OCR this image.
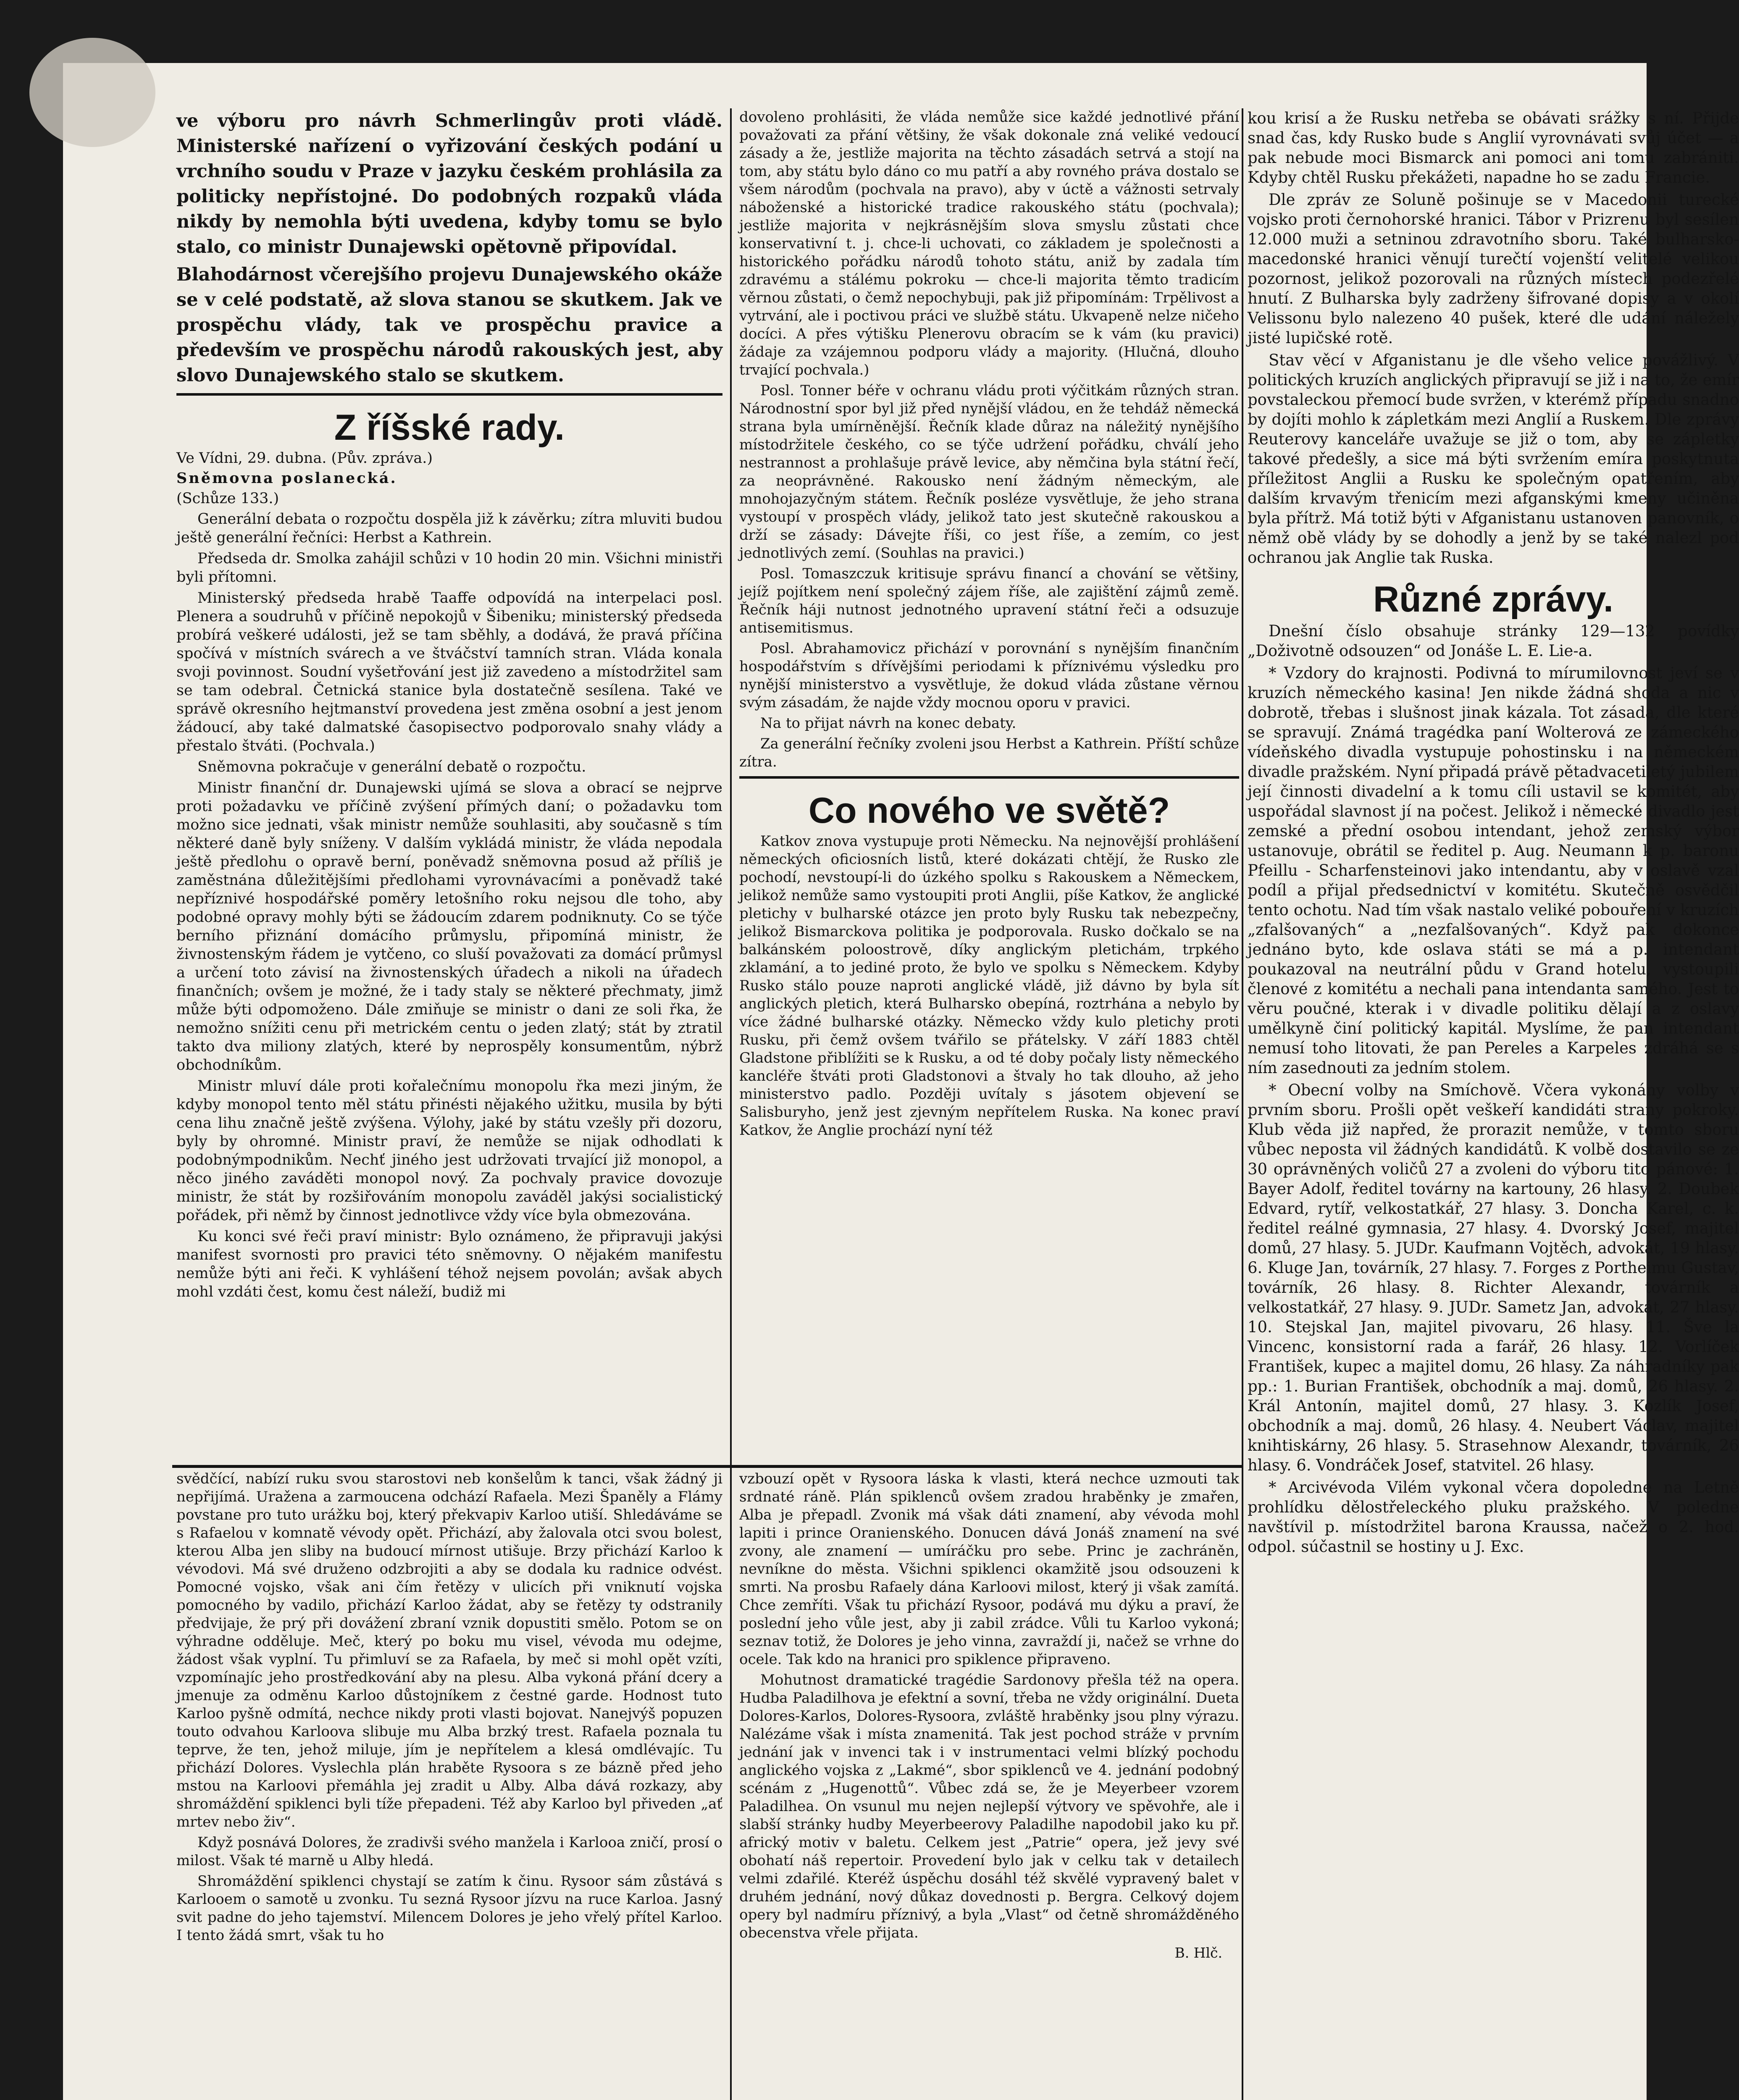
ve výboru pro návrh Schmerlingův proti vládě. Ministerské nařízení o vyřizování českých podání u vrchního soudu v Praze v jazyku českém prohlásila za politicky nepřístojné. Do podobných rozpaků vláda nikdy by nemohla býti uvedena, kdyby tomu se bylo stalo, co ministr Dunajewski opětovně připovídal.

Blahodárnost včerejšího projevu Dunajewského okáže se v celé podstatě, až slova stanou se skutkem. Jak ve prospěchu vlády, tak ve prospěchu pravice a především ve prospěchu národů rakouských jest, aby slovo Dunajewského stalo se skutkem.

Z říšské rady.

Ve Vídni, 29. dubna. (Pův. zpráva.)

Sněmovna poslanecká.

(Schůze 133.)

Generální debata o rozpočtu dospěla již k závěrku; zítra mluviti budou ještě generální řečníci: Herbst a Kathrein.

Předseda dr. Smolka zahájil schůzi v 10 hodin 20 min. Všichni ministři byli přítomni.

Ministerský předseda hrabě Taaffe odpovídá na interpelaci posl. Plenera a soudruhů v příčině nepokojů v Šibeniku; ministerský předseda probírá veškeré události, jež se tam sběhly, a dodává, že pravá příčina spočívá v místních svárech a ve štváčství tamních stran. Vláda konala svoji povinnost. Soudní vyšetřování jest již zavedeno a místodržitel sam se tam odebral. Četnická stanice byla dostatečně sesílena. Také ve správě okresního hejtmanství provedena jest změna osobní a jest jenom žádoucí, aby také dalmatské časopisectvo podporovalo snahy vlády a přestalo štváti. (Pochvala.)

Sněmovna pokračuje v generální debatě o rozpočtu.

Ministr finanční dr. Dunajewski ujímá se slova a obrací se nejprve proti požadavku ve příčině zvýšení přímých daní; o požadavku tom možno sice jednati, však ministr nemůže souhlasiti, aby současně s tím některé daně byly sníženy. V dalším vykládá ministr, že vláda nepodala ještě předlohu o opravě berní, poněvadž sněmovna posud až příliš je zaměstnána důležitějšími předlohami vyrovnávacími a poněvadž také nepříznivé hospodářské poměry letošního roku nejsou dle toho, aby podobné opravy mohly býti se žádoucím zdarem podniknuty. Co se týče berního přiznání domácího průmyslu, připomíná ministr, že živnostenským řádem je vytčeno, co sluší považovati za domácí průmysl a určení toto závisí na živnostenských úřadech a nikoli na úřadech finančních; ovšem je možné, že i tady staly se některé přechmaty, jimž může býti odpomoženo. Dále zmiňuje se ministr o dani ze soli řka, že nemožno snížiti cenu při metrickém centu o jeden zlatý; stát by ztratil takto dva miliony zlatých, které by neprospěly konsumentům, nýbrž obchodníkům.

Ministr mluví dále proti kořalečnímu monopolu řka mezi jiným, že kdyby monopol tento měl státu přinésti nějakého užitku, musila by býti cena lihu značně ještě zvýšena. Výlohy, jaké by státu vzešly při dozoru, byly by ohromné. Ministr praví, že nemůže se nijak odhodlati k podobnýmpodnikům. Nechť jiného jest udržovati trvající již monopol, a něco jiného zaváděti monopol nový. Za pochvaly pravice dovozuje ministr, že stát by rozšiřováním monopolu zaváděl jakýsi socialistický pořádek, při němž by činnost jednotlivce vždy více byla obmezována.

Ku konci své řeči praví ministr: Bylo oznámeno, že připravuji jakýsi manifest svornosti pro pravici této sněmovny. O nějakém manifestu nemůže býti ani řeči. K vyhlášení téhož nejsem povolán; avšak abych mohl vzdáti čest, komu čest náleží, budiž mi

dovoleno prohlásiti, že vláda nemůže sice každé jednotlivé přání považovati za přání většiny, že však dokonale zná veliké vedoucí zásady a že, jestliže majorita na těchto zásadách setrvá a stojí na tom, aby státu bylo dáno co mu patří a aby rovného práva dostalo se všem národům (pochvala na pravo), aby v úctě a vážnosti setrvaly náboženské a historické tradice rakouského státu (pochvala); jestliže majorita v nejkrásnějším slova smyslu zůstati chce konservativní t. j. chce-li uchovati, co základem je společnosti a historického pořádku národů tohoto státu, aniž by zadala tím zdravému a stálému pokroku — chce-li majorita těmto tradicím věrnou zůstati, o čemž nepochybuji, pak již připomínám: Trpělivost a vytrvání, ale i poctivou práci ve službě státu. Ukvapeně nelze ničeho docíci. A přes výtišku Plenerovu obracím se k vám (ku pravici) žádaje za vzájemnou podporu vlády a majority. (Hlučná, dlouho trvající pochvala.)

Posl. Tonner béře v ochranu vládu proti výčitkám různých stran. Národnostní spor byl již před nynější vládou, en že tehdáž německá strana byla umírněnější. Řečník klade důraz na náležitý nynějšího místodržitele českého, co se týče udržení pořádku, chválí jeho nestrannost a prohlašuje právě levice, aby němčina byla státní řečí, za neoprávněné. Rakousko není žádným německým, ale mnohojazyčným státem. Řečník posléze vysvětluje, že jeho strana vystoupí v prospěch vlády, jelikož tato jest skutečně rakouskou a drží se zásady: Dávejte říši, co jest říše, a zemím, co jest jednotlivých zemí. (Souhlas na pravici.)

Posl. Tomaszczuk kritisuje správu financí a chování se většiny, jejíž pojítkem není společný zájem říše, ale zajištění zájmů země. Řečník háji nutnost jednotného upravení státní řeči a odsuzuje antisemitismus.

Posl. Abrahamovicz přichází v porovnání s nynějším finančním hospodářstvím s dřívějšími periodami k příznivému výsledku pro nynější ministerstvo a vysvětluje, že dokud vláda zůstane věrnou svým zásadám, že najde vždy mocnou oporu v pravici.

Na to přijat návrh na konec debaty.

Za generální řečníky zvoleni jsou Herbst a Kathrein. Příští schůze zítra.

Co nového ve světě?

Katkov znova vystupuje proti Německu. Na nejnovější prohlášení německých oficiosních listů, které dokázati chtějí, že Rusko zle pochodí, nevstoupí-li do úzkého spolku s Rakouskem a Německem, jelikož nemůže samo vystoupiti proti Anglii, píše Katkov, že anglické pletichy v bulharské otázce jen proto byly Rusku tak nebezpečny, jelikož Bismarckova politika je podporovala. Rusko dočkalo se na balkánském poloostrově, díky anglickým pletichám, trpkého zklamání, a to jediné proto, že bylo ve spolku s Německem. Kdyby Rusko stálo pouze naproti anglické vládě, již dávno by byla sít anglických pletich, která Bulharsko obepíná, roztrhána a nebylo by více žádné bulharské otázky. Německo vždy kulo pletichy proti Rusku, při čemž ovšem tvářilo se přátelsky. V září 1883 chtěl Gladstone přiblížiti se k Rusku, a od té doby počaly listy německého kancléře štváti proti Gladstonovi a štvaly ho tak dlouho, až jeho ministerstvo padlo. Později uvítaly s jásotem objevení se Salisburyho, jenž jest zjevným nepřítelem Ruska. Na konec praví Katkov, že Anglie prochází nyní též

kou krisí a že Rusku netřeba se obávati srážky s ní. Přijde snad čas, kdy Rusko bude s Anglií vyrovnávati svůj účet — a pak nebude moci Bismarck ani pomoci ani tomu zabrániti. Kdyby chtěl Rusku překážeti, napadne ho se zadu Francie.

Dle zpráv ze Soluně pošinuje se v Macedonii turecké vojsko proti černohorské hranici. Tábor v Prizrenu byl sesílen 12.000 muži a setninou zdravotního sboru. Také bulharsko-macedonské hranici věnují turečtí vojenští velitelé velikou pozornost, jelikož pozorovali na různých místech podezřelé hnutí. Z Bulharska byly zadrženy šifrované dopisy a v okolí Velissonu bylo nalezeno 40 pušek, které dle udání náležely jisté lupičské rotě.

Stav věcí v Afganistanu je dle všeho velice povážlivý. V politických kruzích anglických připravují se již i na to, že emír povstaleckou přemocí bude svržen, v kterémž případu snadno by dojíti mohlo k zápletkám mezi Anglií a Ruskem. Dle zprávy Reuterovy kanceláře uvažuje se již o tom, aby se zápletky takové předešly, a sice má býti svržením emíra poskytnuta příležitost Anglii a Rusku ke společným opatřením, aby dalším krvavým třenicím mezi afganskými kmeny učiněna byla přítrž. Má totiž býti v Afganistanu ustanoven panovník, o němž obě vlády by se dohodly a jenž by se také nalezl pod ochranou jak Anglie tak Ruska.

Různé zprávy.

Dnešní číslo obsahuje stránky 129—132 povídky „Doživotně odsouzen“ od Jonáše L. E. Lie-a.

* Vzdory do krajnosti. Podivná to mírumilovnost jeví se v kruzích německého kasina! Jen nikde žádná shoda a nic v dobrotě, třebas i slušnost jinak kázala. Tot zásada, dle které se spravují. Známá tragédka paní Wolterová ze zámeckého vídeňského divadla vystupuje pohostinsku i na německém divadle pražském. Nyní připadá právě pětadvacetiletý jubilem její činnosti divadelní a k tomu cíli ustavil se komitét, aby uspořádal slavnost jí na počest. Jelikož i německé divadlo jest zemské a přední osobou intendant, jehož zemský výbor ustanovuje, obrátil se ředitel p. Aug. Neumann k p. baronu Pfeillu - Scharfensteinovi jako intendantu, aby v oslavě vzal podíl a přijal předsednictví v komitétu. Skutečně osvědčil tento ochotu. Nad tím však nastalo veliké pobouření v kruzích „zfalšovaných“ a „nezfalšovaných“. Když pak dokonce jednáno byto, kde oslava státi se má a p. intendant poukazoval na neutrální půdu v Grand hotelu, vystoupili členové z komitétu a nechali pana intendanta samého. Jest to věru poučné, kterak i v divadle politiku dělají a z oslavy umělkyně činí politický kapitál. Myslíme, že pan intendant nemusí toho litovati, že pan Pereles a Karpeles zdráhá se s ním zasednouti za jedním stolem.

* Obecní volby na Smíchově. Včera vykonány volby v prvním sboru. Prošli opět veškeří kandidáti strany pokroky. Klub věda již napřed, že prorazit nemůže, v tomto sboru vůbec neposta vil žádných kandidátů. K volbě dostavilo se ze 30 oprávněných voličů 27 a zvoleni do výboru tito pánové: 1. Bayer Adolf, ředitel továrny na kartouny, 26 hlasy. 2. Doubek Edvard, rytíř, velkostatkář, 27 hlasy. 3. Doncha Karel, c. k. ředitel reálné gymnasia, 27 hlasy. 4. Dvorský Josef, majitel domů, 27 hlasy. 5. JUDr. Kaufmann Vojtěch, advokát, 19 hlasy. 6. Kluge Jan, továrník, 27 hlasy. 7. Forges z Portheimu Gustav, továrník, 26 hlasy. 8. Richter Alexandr, továrník a velkostatkář, 27 hlasy. 9. JUDr. Sametz Jan, advokát, 27 hlasy. 10. Stejskal Jan, majitel pivovaru, 26 hlasy. 11. Šve la Vincenc, konsistorní rada a farář, 26 hlasy. 12. Vorlíček František, kupec a majitel domu, 26 hlasy. Za náhradníky pak pp.: 1. Burian František, obchodník a maj. domů, 26 hlasy. 2. Král Antonín, majitel domů, 27 hlasy. 3. Kozlík Josef, obchodník a maj. domů, 26 hlasy. 4. Neubert Václav, majitel knihtiskárny, 26 hlasy. 5. Strasehnow Alexandr, továrník, 26 hlasy. 6. Vondráček Josef, statvitel. 26 hlasy.

* Arcivévoda Vilém vykonal včera dopoledne na Letně prohlídku dělostřeleckého pluku pražského. V poledne navštívil p. místodržitel barona Kraussa, načež o 2. hod. odpol. súčastnil se hostiny u J. Exc.

svědčící, nabízí ruku svou starostovi neb konšelům k tanci, však žádný ji nepřijímá. Uražena a zarmoucena odchází Rafaela. Mezi Španěly a Flámy povstane pro tuto urážku boj, který překvapiv Karloo utiší. Shledáváme se s Rafaelou v komnatě vévody opět. Přichází, aby žalovala otci svou bolest, kterou Alba jen sliby na budoucí mírnost utišuje. Brzy přichází Karloo k vévodovi. Má své druženo odzbrojiti a aby se dodala ku radnice odvést. Pomocné vojsko, však ani čím řetězy v ulicích při vniknutí vojska pomocného by vadilo, přichází Karloo žádat, aby se řetězy ty odstranily předvijaje, že prý při dovážení zbraní vznik dopustiti smělo. Potom se on výhradne odděluje. Meč, který po boku mu visel, vévoda mu odejme, žádost však vyplní. Tu přimluví se za Rafaela, by meč si mohl opět vzíti, vzpomínajíc jeho prostředkování aby na plesu. Alba vykoná přání dcery a jmenuje za odměnu Karloo důstojníkem z čestné garde. Hodnost tuto Karloo pyšně odmítá, nechce nikdy proti vlasti bojovat. Nanejvýš popuzen touto odvahou Karloova slibuje mu Alba brzký trest. Rafaela poznala tu teprve, že ten, jehož miluje, jím je nepřítelem a klesá omdlévajíc. Tu přichází Dolores. Vyslechla plán hraběte Rysoora s ze bázně před jeho mstou na Karloovi přemáhla jej zradit u Alby. Alba dává rozkazy, aby shromáždění spiklenci byli tíže přepadeni. Též aby Karloo byl přiveden „ať mrtev nebo živ“.

Když posnává Dolores, že zradivši svého manžela i Karlooa zničí, prosí o milost. Však té marně u Alby hledá.

Shromáždění spiklenci chystají se zatím k činu. Rysoor sám zůstává s Karlooem o samotě u zvonku. Tu sezná Rysoor jízvu na ruce Karloa. Jasný svit padne do jeho tajemství. Milencem Dolores je jeho vřelý přítel Karloo. I tento žádá smrt, však tu ho

vzbouzí opět v Rysoora láska k vlasti, která nechce uzmouti tak srdnaté ráně. Plán spiklenců ovšem zradou hraběnky je zmařen, Alba je přepadl. Zvonik má však dáti znamení, aby vévoda mohl lapiti i prince Oranienského. Donucen dává Jonáš znamení na své zvony, ale znamení — umíráčku pro sebe. Princ je zachráněn, nevníkne do města. Všichni spiklenci okamžitě jsou odsouzeni k smrti. Na prosbu Rafaely dána Karloovi milost, který ji však zamítá. Chce zemříti. Však tu přichází Rysoor, podává mu dýku a praví, že poslední jeho vůle jest, aby ji zabil zrádce. Vůli tu Karloo vykoná; seznav totiž, že Dolores je jeho vinna, zavraždí ji, načež se vrhne do ocele. Tak kdo na hranici pro spiklence připraveno.

Mohutnost dramatické tragédie Sardonovy přešla též na opera. Hudba Paladilhova je efektní a sovní, třeba ne vždy originální. Dueta Dolores-Karlos, Dolores-Rysoora, zvláště hraběnky jsou plny výrazu. Nalézáme však i místa znamenitá. Tak jest pochod stráže v prvním jednání jak v invenci tak i v instrumentaci velmi blízký pochodu anglického vojska z „Lakmé“, sbor spiklenců ve 4. jednání podobný scénám z „Hugenottů“. Vůbec zdá se, že je Meyerbeer vzorem Paladilhea. On vsunul mu nejen nejlepší výtvory ve spěvohře, ale i slabší stránky hudby Meyerbeerovy Paladilhe napodobil jako ku př. africký motiv v baletu. Celkem jest „Patrie“ opera, jež jevy své obohatí náš repertoir. Provedení bylo jak v celku tak v detailech velmi zdařilé. Kteréž úspěchu dosáhl též skvělé vypravený balet v druhém jednání, nový důkaz dovednosti p. Bergra. Celkový dojem opery byl nadmíru příznivý, a byla „Vlast“ od četně shromážděného obecenstva vřele přijata.

B. Hlč.
